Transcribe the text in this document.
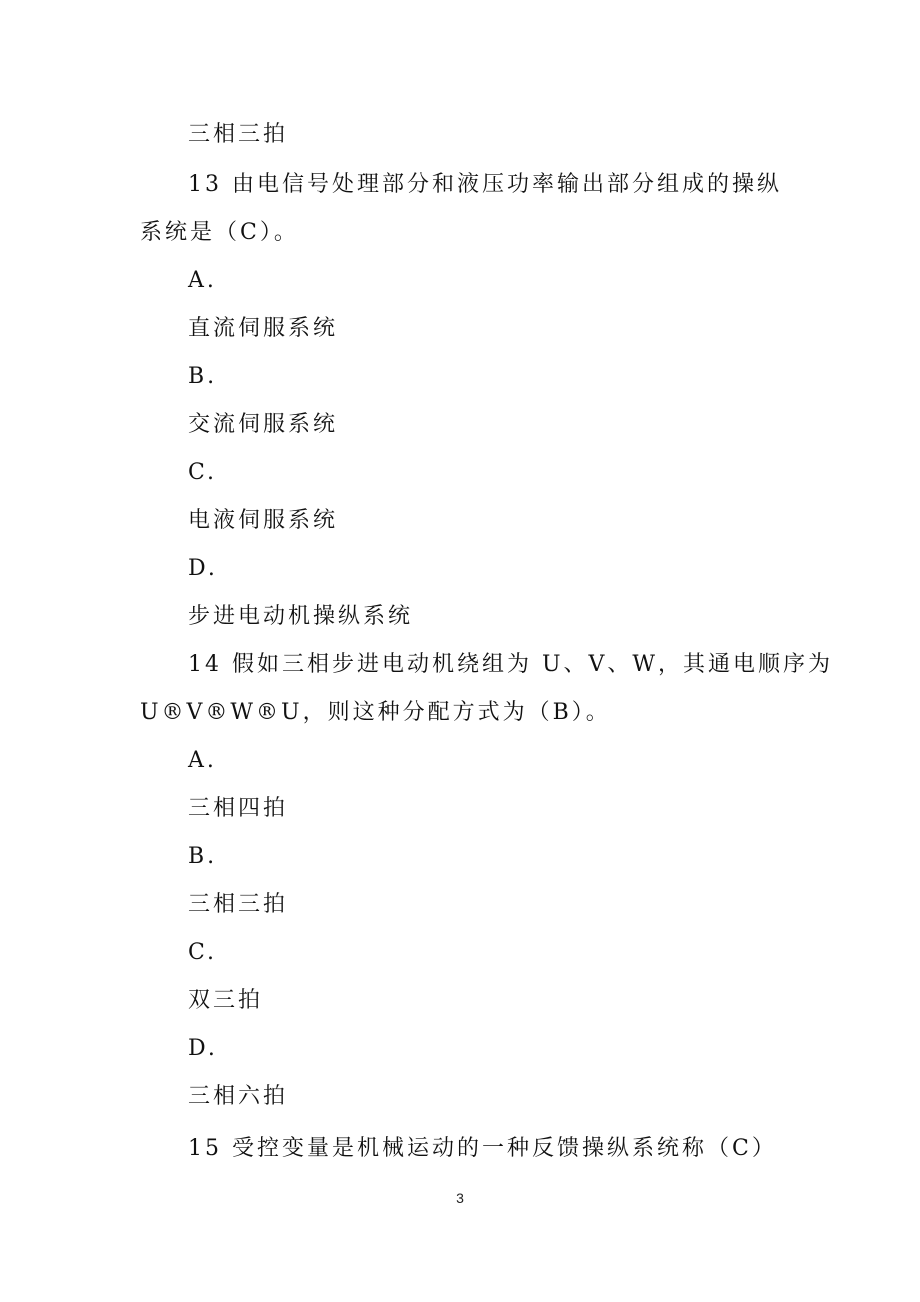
三相三拍
13 由电信号处理部分和液压功率输出部分组成的操纵
系统是（C）。
A.
直流伺服系统
B.
交流伺服系统
C.
电液伺服系统
D.
步进电动机操纵系统
14 假如三相步进电动机绕组为 U、V、W，其通电顺序为
U®V®W®U，则这种分配方式为（B）。
A.
三相四拍
B.
三相三拍
C.
双三拍
D.
三相六拍
15 受控变量是机械运动的一种反馈操纵系统称（C）
3
